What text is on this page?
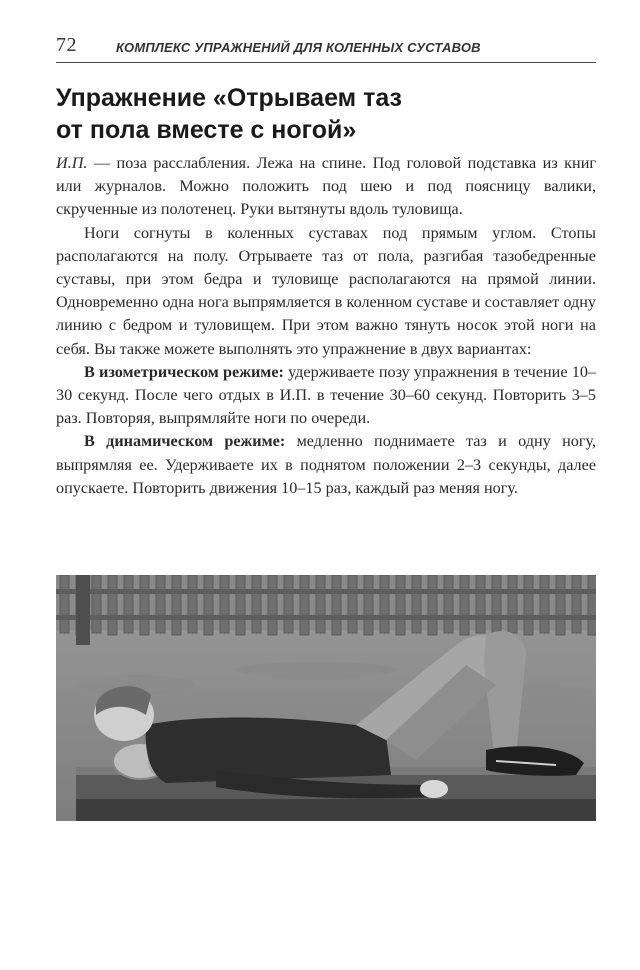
72	КОМПЛЕКС УПРАЖНЕНИЙ ДЛЯ КОЛЕННЫХ СУСТАВОВ
Упражнение «Отрываем таз
от пола вместе с ногой»

И.П. — поза расслабления. Лежа на спине. Под головой подставка из книг или журналов. Можно положить под шею и под поясницу валики, скрученные из полотенец. Руки вытянуты вдоль туловища.

Ноги согнуты в коленных суставах под прямым углом. Стопы располагаются на полу. Отрываете таз от пола, разгибая тазобедренные суставы, при этом бедра и туловище располагаются на прямой линии. Одновременно одна нога выпрямляется в коленном суставе и составляет одну линию с бедром и туловищем. При этом важно тянуть носок этой ноги на себя. Вы также можете выполнять это упражнение в двух вариантах:

В изометрическом режиме: удерживаете позу упражнения в течение 10–30 секунд. После чего отдых в И.П. в течение 30–60 секунд. Повторить 3–5 раз. Повторяя, выпрямляйте ноги по очереди.

В динамическом режиме: медленно поднимаете таз и одну ногу, выпрямляя ее. Удерживаете их в поднятом положении 2–3 секунды, далее опускаете. Повторить движения 10–15 раз, каждый раз меняя ногу.
